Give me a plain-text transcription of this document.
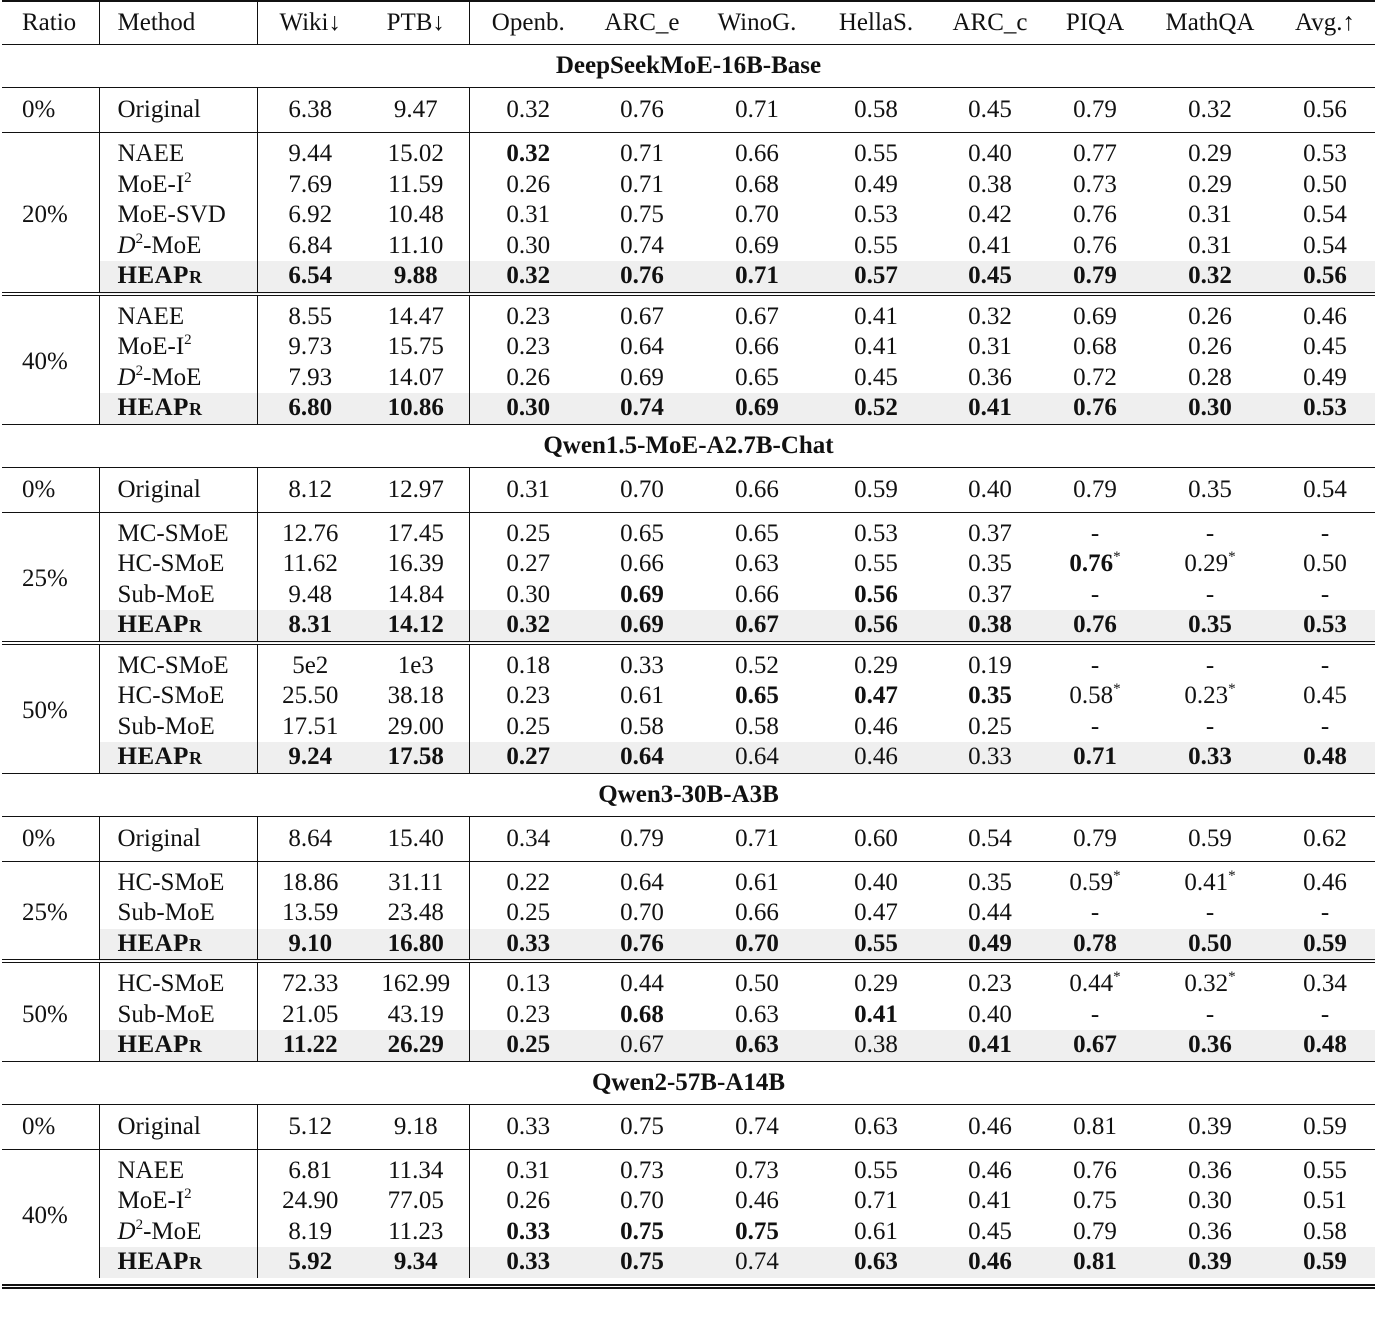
Ratio	Method	Wiki↓	PTB↓	Openb.	ARC_e	WinoG.	HellaS.	ARC_c	PIQA	MathQA	Avg.↑
DeepSeekMoE-16B-Base											
0%	Original	6.38	9.47	0.32	0.76	0.71	0.58	0.45	0.79	0.32	0.56
20%	NAEE	9.44	15.02	0.32	0.71	0.66	0.55	0.40	0.77	0.29	0.53
	MoE-$I^2$	7.69	11.59	0.26	0.71	0.68	0.49	0.38	0.73	0.29	0.50
	MoE-SVD	6.92	10.48	0.31	0.75	0.70	0.53	0.42	0.76	0.31	0.54
	$D^2$-MoE	6.84	11.10	0.30	0.74	0.69	0.55	0.41	0.76	0.31	0.54
	HEAPr	6.54	9.88	0.32	0.76	0.71	0.57	0.45	0.79	0.32	0.56
40%	NAEE	8.55	14.47	0.23	0.67	0.67	0.41	0.32	0.69	0.26	0.46
	MoE-$I^2$	9.73	15.75	0.23	0.64	0.66	0.41	0.31	0.68	0.26	0.45
	$D^2$-MoE	7.93	14.07	0.26	0.69	0.65	0.45	0.36	0.72	0.28	0.49
	HEAPr	6.80	10.86	0.30	0.74	0.69	0.52	0.41	0.76	0.30	0.53
Qwen1.5-MoE-A2.7B-Chat											
0%	Original	8.12	12.97	0.31	0.70	0.66	0.59	0.40	0.79	0.35	0.54
25%	MC-SMoE	12.76	17.45	0.25	0.65	0.65	0.53	0.37	-	-	-
	HC-SMoE	11.62	16.39	0.27	0.66	0.63	0.55	0.35	0.76*	0.29*	0.50
	Sub-MoE	9.48	14.84	0.30	0.69	0.66	0.56	0.37	-	-	-
	HEAPr	8.31	14.12	0.32	0.69	0.67	0.56	0.38	0.76	0.35	0.53
50%	MC-SMoE	5e2	1e3	0.18	0.33	0.52	0.29	0.19	-	-	-
	HC-SMoE	25.50	38.18	0.23	0.61	0.65	0.47	0.35	0.58*	0.23*	0.45
	Sub-MoE	17.51	29.00	0.25	0.58	0.58	0.46	0.25	-	-	-
	HEAPr	9.24	17.58	0.27	0.64	0.64	0.46	0.33	0.71	0.33	0.48
Qwen3-30B-A3B											
0%	Original	8.64	15.40	0.34	0.79	0.71	0.60	0.54	0.79	0.59	0.62
25%	HC-SMoE	18.86	31.11	0.22	0.64	0.61	0.40	0.35	0.59*	0.41*	0.46
	Sub-MoE	13.59	23.48	0.25	0.70	0.66	0.47	0.44	-	-	-
	HEAPr	9.10	16.80	0.33	0.76	0.70	0.55	0.49	0.78	0.50	0.59
50%	HC-SMoE	72.33	162.99	0.13	0.44	0.50	0.29	0.23	0.44*	0.32*	0.34
	Sub-MoE	21.05	43.19	0.23	0.68	0.63	0.41	0.40	-	-	-
	HEAPr	11.22	26.29	0.25	0.67	0.63	0.38	0.41	0.67	0.36	0.48
Qwen2-57B-A14B											
0%	Original	5.12	9.18	0.33	0.75	0.74	0.63	0.46	0.81	0.39	0.59
40%	NAEE	6.81	11.34	0.31	0.73	0.73	0.55	0.46	0.76	0.36	0.55
	MoE-$I^2$	24.90	77.05	0.26	0.70	0.46	0.71	0.41	0.75	0.30	0.51
	$D^2$-MoE	8.19	11.23	0.33	0.75	0.75	0.61	0.45	0.79	0.36	0.58
	HEAPr	5.92	9.34	0.33	0.75	0.74	0.63	0.46	0.81	0.39	0.59
